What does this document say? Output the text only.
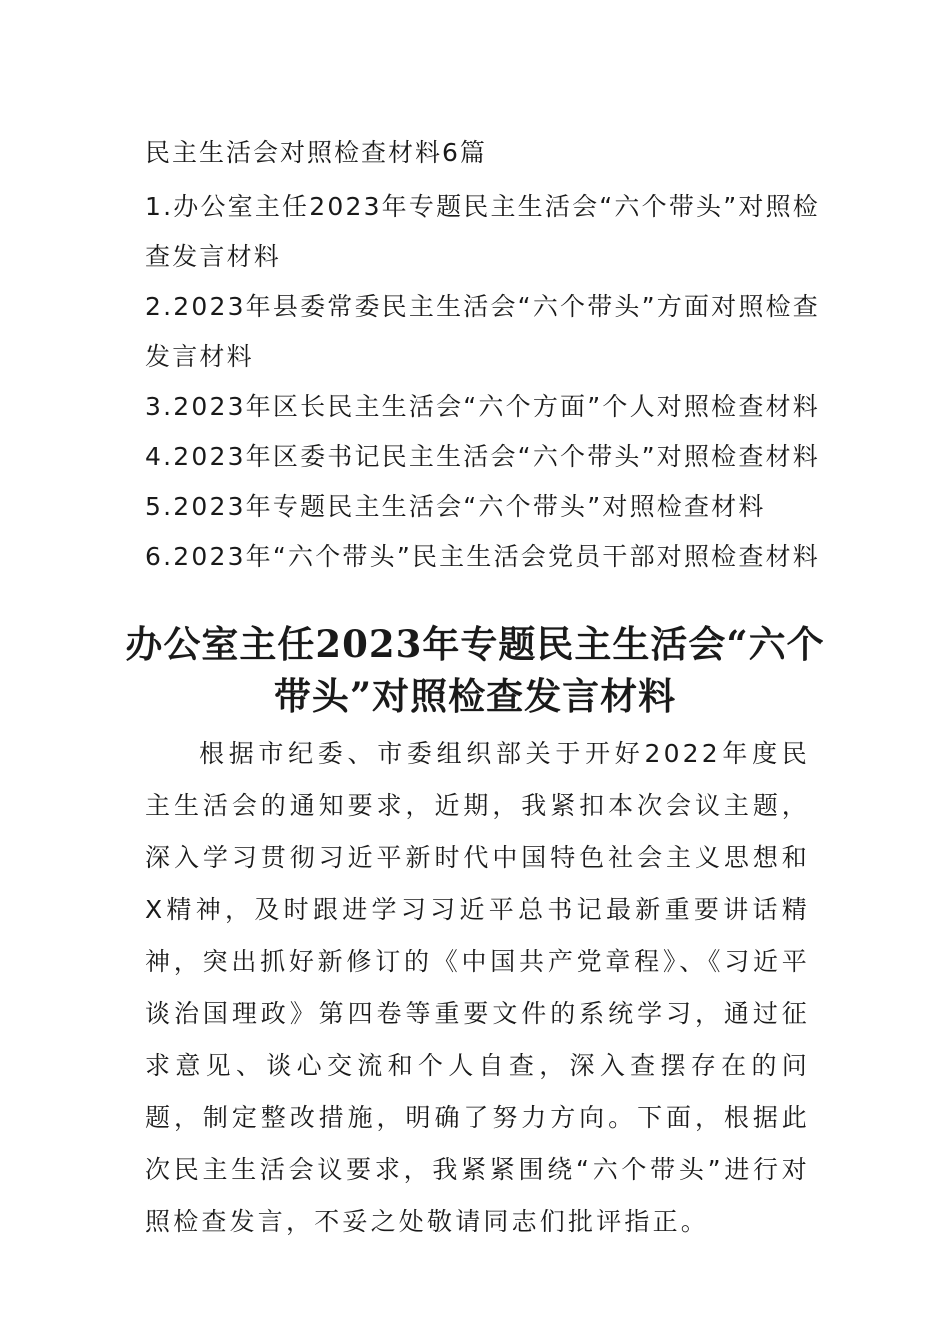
民主生活会对照检查材料6篇

1.办公室主任2023年专题民主生活会“六个带头”对照检查发言材料

2.2023年县委常委民主生活会“六个带头”方面对照检查发言材料

3.2023年区长民主生活会“六个方面”个人对照检查材料

4.2023年区委书记民主生活会“六个带头”对照检查材料

5.2023年专题民主生活会“六个带头”对照检查材料

6.2023年“六个带头”民主生活会党员干部对照检查材料

办公室主任2023年专题民主生活会“六个带头”对照检查发言材料

根据市纪委、市委组织部关于开好2022年度民主生活会的通知要求，近期，我紧扣本次会议主题，深入学习贯彻习近平新时代中国特色社会主义思想和X精神，及时跟进学习习近平总书记最新重要讲话精神，突出抓好新修订的《中国共产党章程》、《习近平谈治国理政》第四卷等重要文件的系统学习，通过征求意见、谈心交流和个人自查，深入查摆存在的问题，制定整改措施，明确了努力方向。下面，根据此次民主生活会议要求，我紧紧围绕“六个带头”进行对照检查发言，不妥之处敬请同志们批评指正。
